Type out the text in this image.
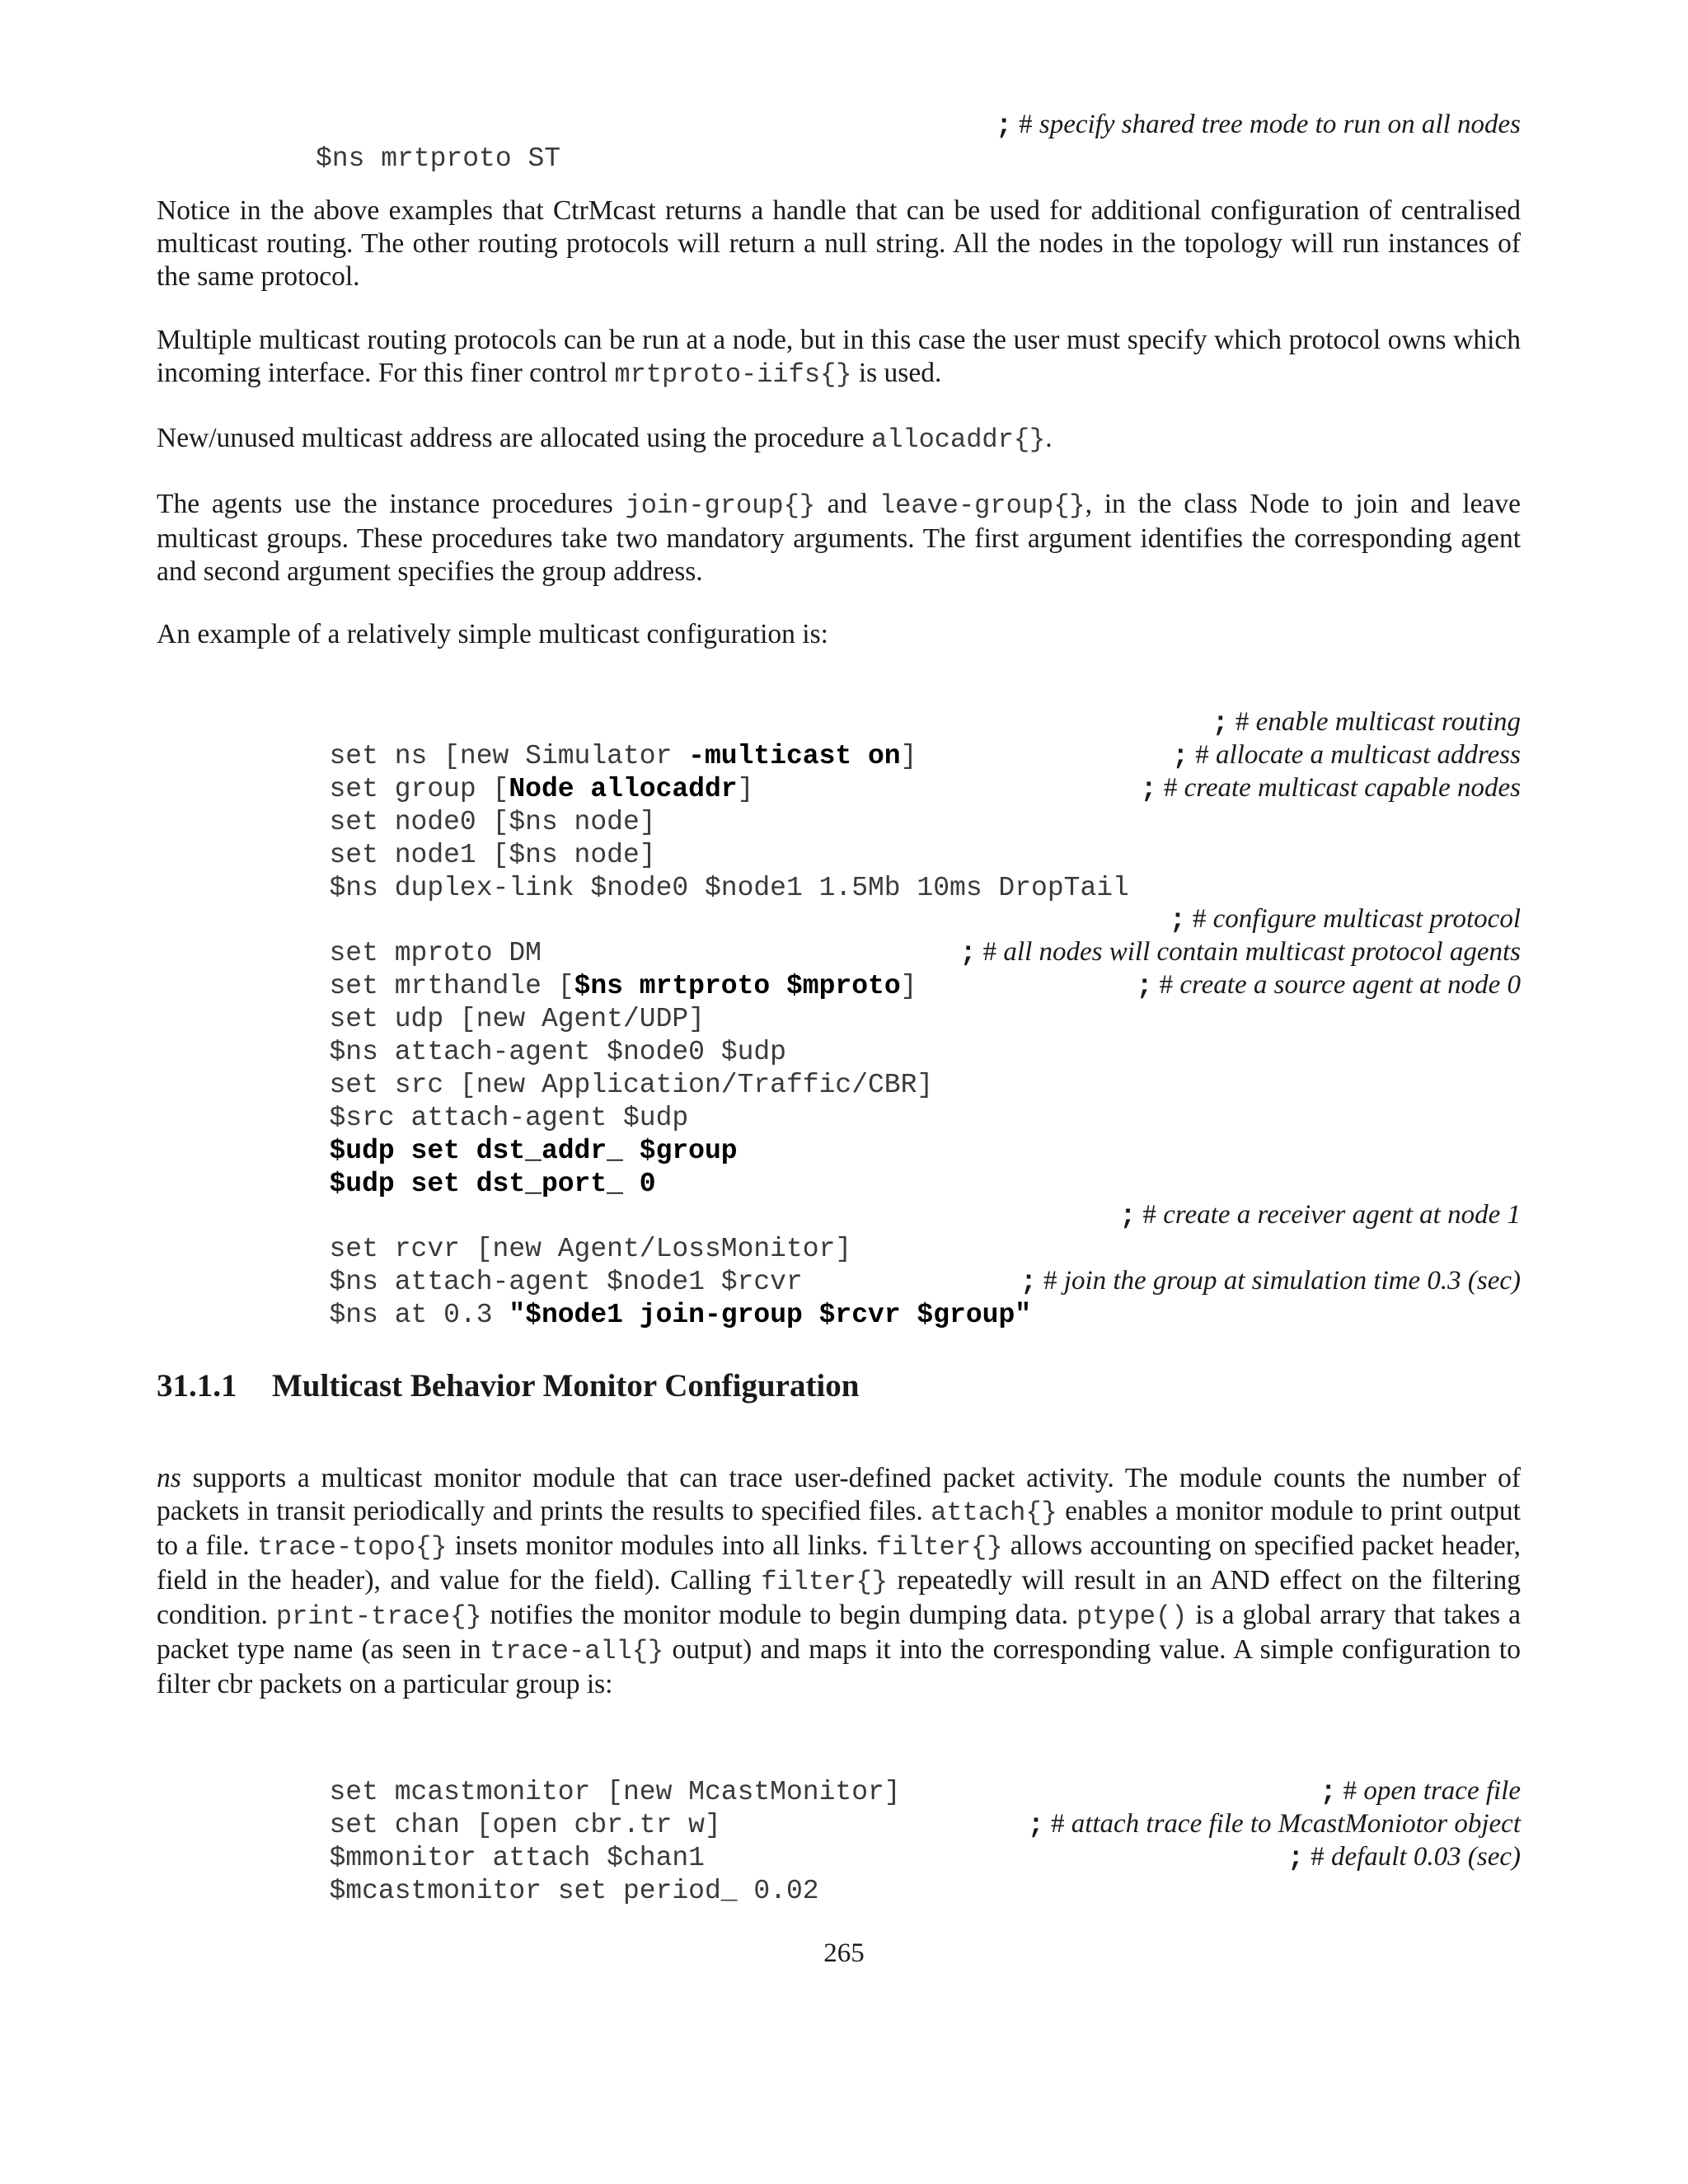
$ns mrtproto ST

; # specify shared tree mode to run on all nodes

Notice in the above examples that CtrMcast returns a handle that can be used for additional configuration of centralised multicast routing. The other routing protocols will return a null string. All the nodes in the topology will run instances of the same protocol.

Multiple multicast routing protocols can be run at a node, but in this case the user must specify which protocol owns which incoming interface. For this finer control mrtproto-iifs{} is used.

New/unused multicast address are allocated using the procedure allocaddr{}.

The agents use the instance procedures join-group{} and leave-group{}, in the class Node to join and leave multicast groups. These procedures take two mandatory arguments. The first argument identifies the corresponding agent and second argument specifies the group address.

An example of a relatively simple multicast configuration is:

set ns [new Simulator -multicast on]

; # enable multicast routing

set group [Node allocaddr]

; # allocate a multicast address

set node0 [$ns node]

; # create multicast capable nodes

set node1 [$ns node]

$ns duplex-link $node0 $node1 1.5Mb 10ms DropTail

set mproto DM

; # configure multicast protocol

set mrthandle [$ns mrtproto $mproto]

; # all nodes will contain multicast protocol agents

set udp [new Agent/UDP]

; # create a source agent at node 0

$ns attach-agent $node0 $udp

set src [new Application/Traffic/CBR]

$src attach-agent $udp

$udp set dst_addr_ $group

$udp set dst_port_ 0

set rcvr [new Agent/LossMonitor]

; # create a receiver agent at node 1

$ns attach-agent $node1 $rcvr

$ns at 0.3 "$node1 join-group $rcvr $group"

; # join the group at simulation time 0.3 (sec)

31.1.1 Multicast Behavior Monitor Configuration

ns supports a multicast monitor module that can trace user-defined packet activity. The module counts the number of packets in transit periodically and prints the results to specified files. attach{} enables a monitor module to print output to a file. trace-topo{} insets monitor modules into all links. filter{} allows accounting on specified packet header, field in the header), and value for the field). Calling filter{} repeatedly will result in an AND effect on the filtering condition. print-trace{} notifies the monitor module to begin dumping data. ptype() is a global arrary that takes a packet type name (as seen in trace-all{} output) and maps it into the corresponding value. A simple configuration to filter cbr packets on a particular group is:

set mcastmonitor [new McastMonitor]

set chan [open cbr.tr w]

; # open trace file

$mmonitor attach $chan1

; # attach trace file to McastMoniotor object

$mcastmonitor set period_ 0.02

; # default 0.03 (sec)

265
